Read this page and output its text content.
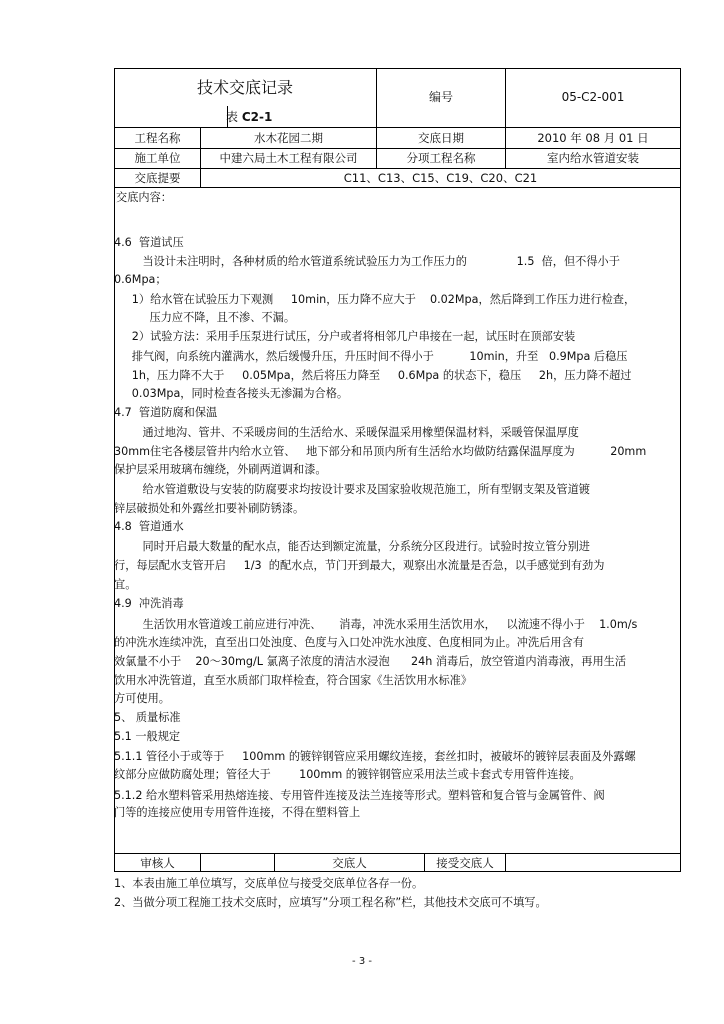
技术交底记录
表 C2-1
编号	05-C2-001
工程名称	水木花园二期	交底日期	2010 年 08 月 01 日
施工单位	中建六局土木工程有限公司	分项工程名称	室内给水管道安装
交底提要	C11、C13、C15、C19、C20、C21
交底内容：
4.6  管道试压
当设计未注明时，各种材质的给水管道系统试验压力为工作压力的              1.5  倍，但不得小于
0.6Mpa；
1）给水管在试验压力下观测     10min，压力降不应大于    0.02Mpa，然后降到工作压力进行检查，
压力应不降，且不渗、不漏。
2）试验方法：采用手压泵进行试压，分户或者将相邻几户串接在一起，试压时在顶部安装
排气阀，向系统内灌满水，然后缓慢升压，升压时间不得小于          10min，升至   0.9Mpa 后稳压
1h，压力降不大于     0.05Mpa，然后将压力降至     0.6Mpa 的状态下，稳压     2h，压力降不超过
0.03Mpa，同时检查各接头无渗漏为合格。
4.7  管道防腐和保温
通过地沟、管井、不采暖房间的生活给水、采暖保温采用橡塑保温材料，采暖管保温厚度
30mm住宅各楼层管井内给水立管、   地下部分和吊顶内所有生活给水均做防结露保温厚度为          20mm
保护层采用玻璃布缠绕，外刷两道调和漆。
给水管道敷设与安装的防腐要求均按设计要求及国家验收规范施工，所有型钢支架及管道镀
锌层破损处和外露丝扣要补刷防锈漆。
4.8  管道通水
同时开启最大数量的配水点，能否达到额定流量，分系统分区段进行。试验时按立管分别进
行，每层配水支管开启     1/3  的配水点，节门开到最大，观察出水流量是否急，以手感觉到有劲为
宜。
4.9  冲洗消毒
生活饮用水管道竣工前应进行冲洗、     消毒，冲洗水采用生活饮用水，   以流速不得小于    1.0m/s
的冲洗水连续冲洗，直至出口处浊度、色度与入口处冲洗水浊度、色度相同为止。冲洗后用含有
效氯量不小于    20～30mg/L 氯离子浓度的清洁水浸泡      24h 消毒后，放空管道内消毒液，再用生活
饮用水冲洗管道，直至水质部门取样检查，符合国家《生活饮用水标准》
方可使用。
5、 质量标准
5.1 一般规定
5.1.1 管径小于或等于     100mm 的镀锌钢管应采用螺纹连接，套丝扣时，被破坏的镀锌层表面及外露螺
纹部分应做防腐处理；管径大于        100mm 的镀锌钢管应采用法兰或卡套式专用管件连接。
5.1.2 给水塑料管采用热熔连接、专用管件连接及法兰连接等形式。塑料管和复合管与金属管件、阀
门等的连接应使用专用管件连接，不得在塑料管上
审核人	交底人	接受交底人
1、本表由施工单位填写，交底单位与接受交底单位各存一份。
2、当做分项工程施工技术交底时，应填写”分项工程名称”栏，其他技术交底可不填写。
- 3 -
